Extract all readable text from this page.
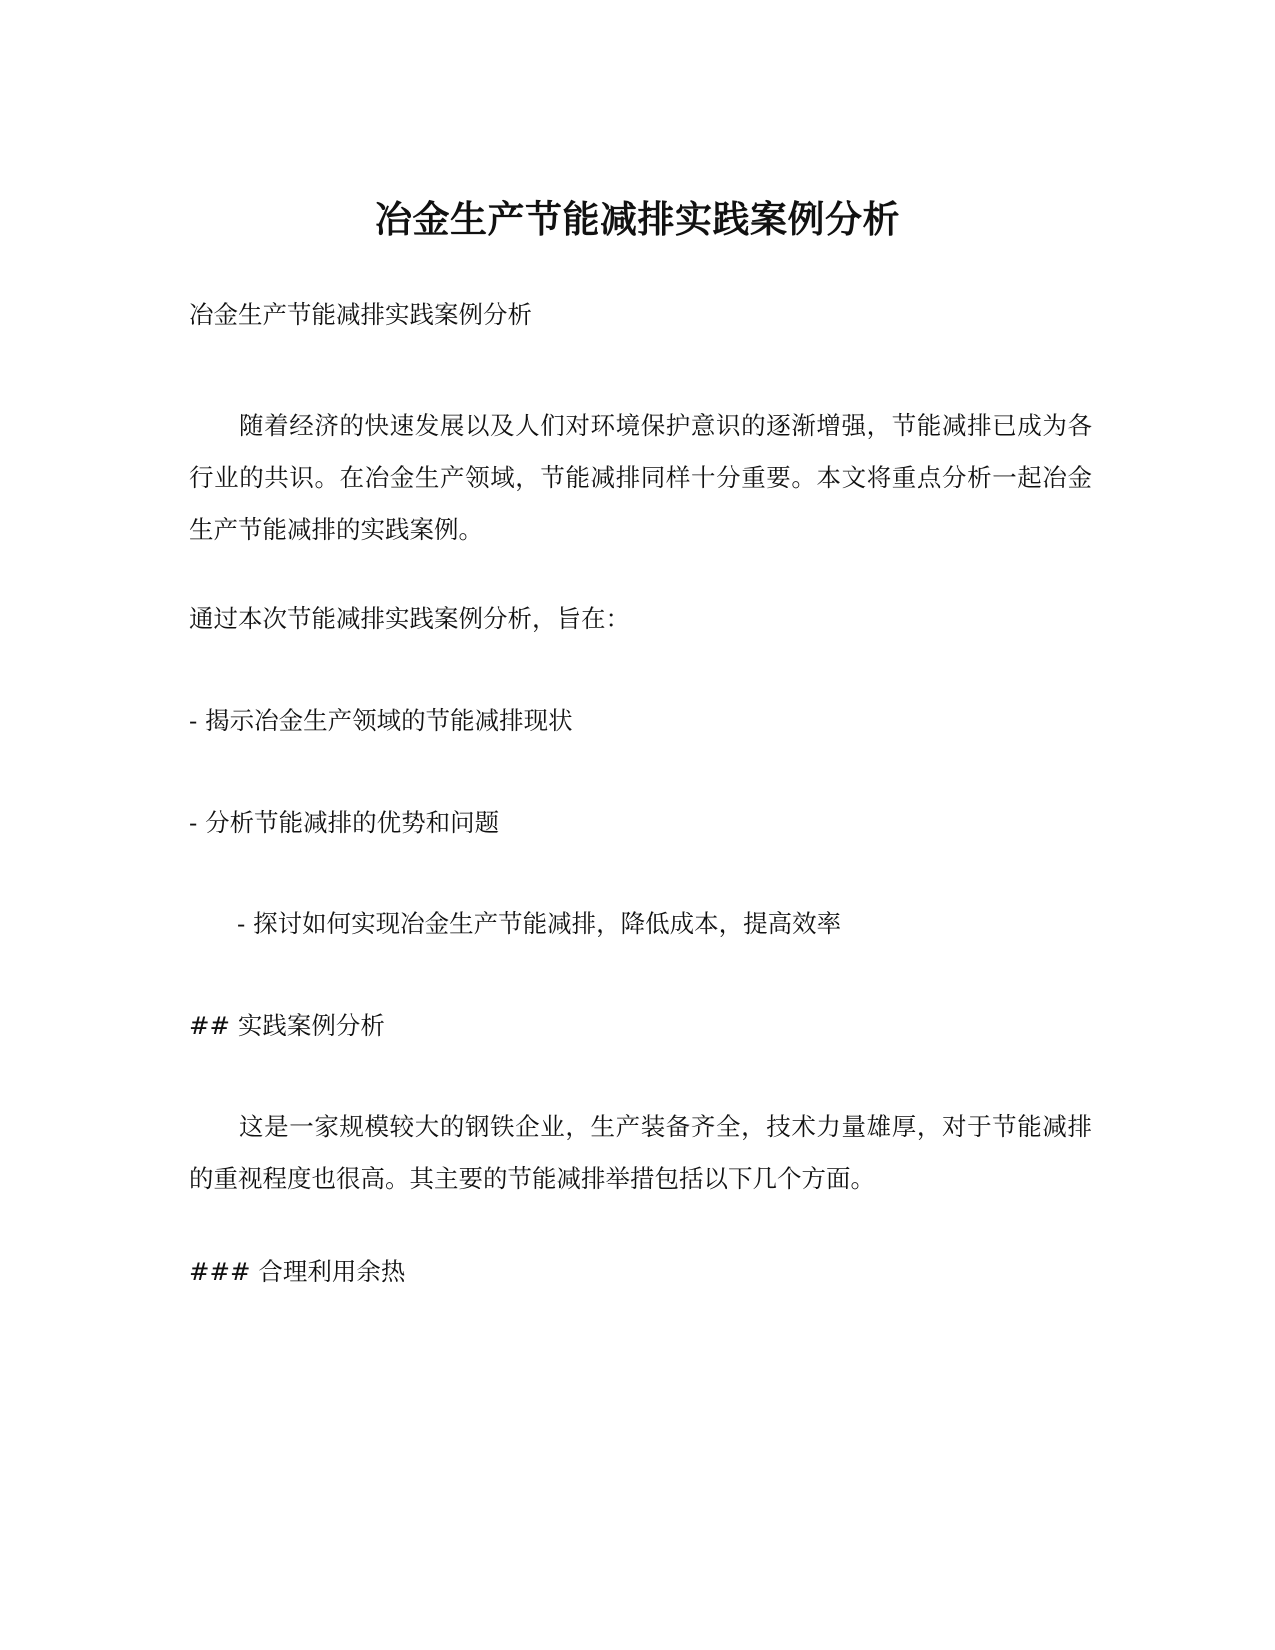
冶金生产节能减排实践案例分析
冶金生产节能减排实践案例分析
随着经济的快速发展以及人们对环境保护意识的逐渐增强，节能减排已成为各行业的共识。在冶金生产领域，节能减排同样十分重要。本文将重点分析一起冶金生产节能减排的实践案例。
通过本次节能减排实践案例分析，旨在：
- 揭示冶金生产领域的节能减排现状
- 分析节能减排的优势和问题
- 探讨如何实现冶金生产节能减排，降低成本，提高效率
## 实践案例分析
这是一家规模较大的钢铁企业，生产装备齐全，技术力量雄厚，对于节能减排的重视程度也很高。其主要的节能减排举措包括以下几个方面。
### 合理利用余热
